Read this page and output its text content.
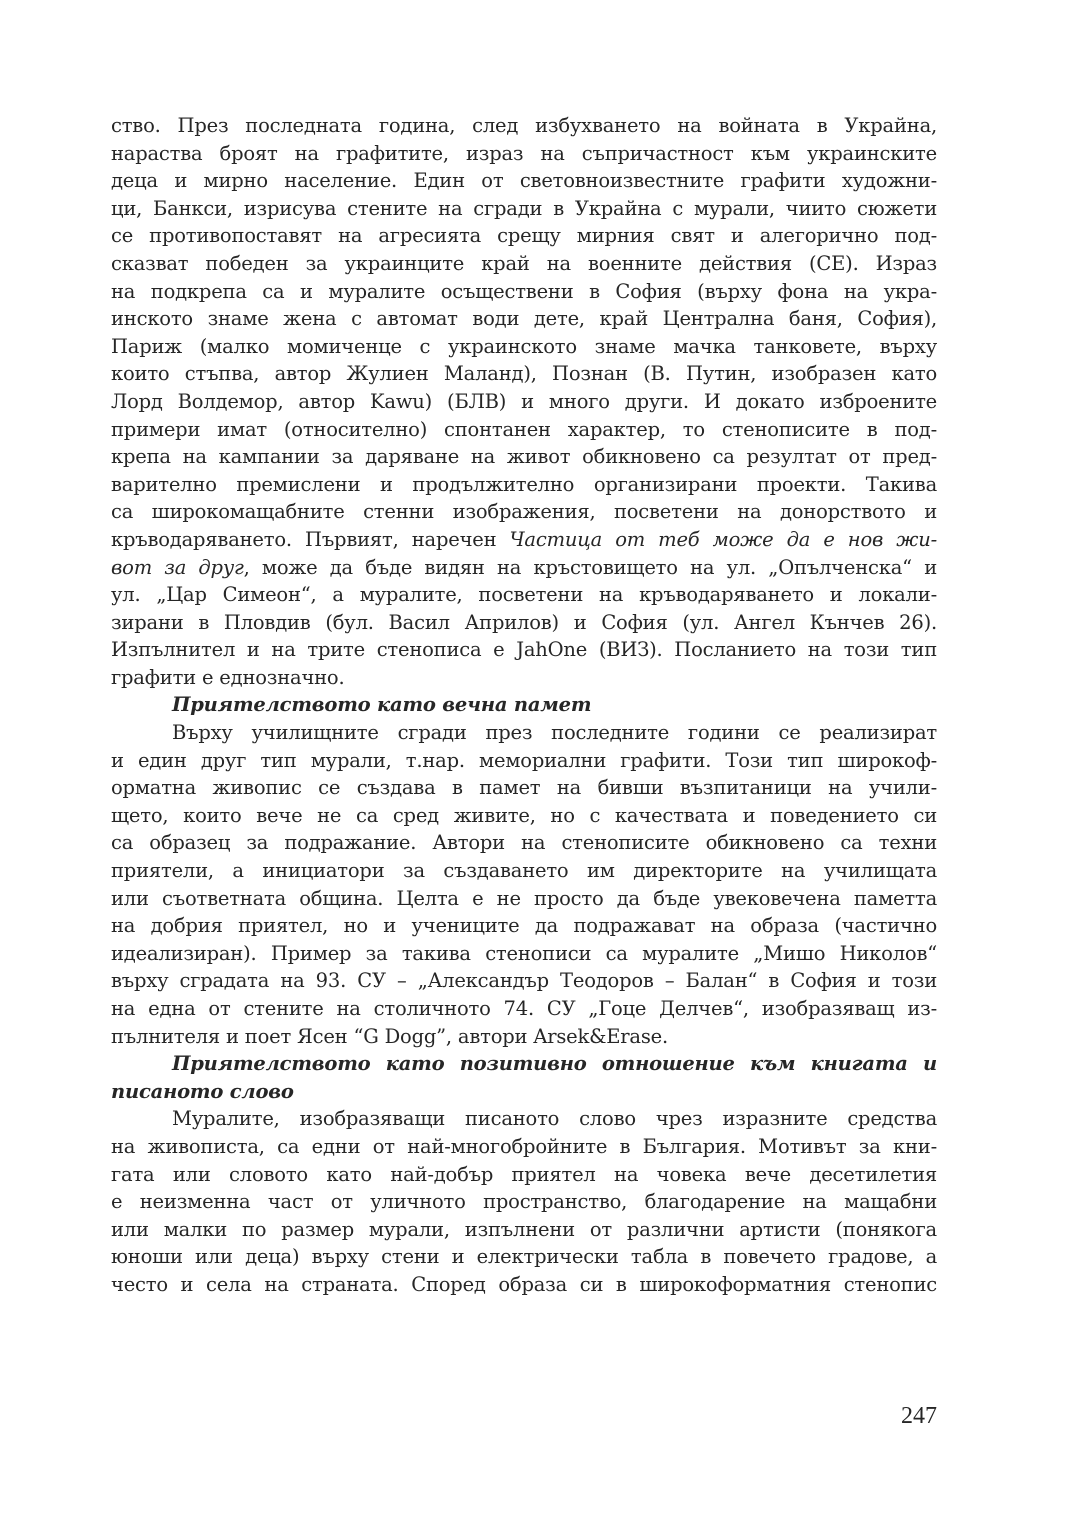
ство. През последната година, след избухването на войната в Украйна,
нараства броят на графитите, израз на съпричастност към украинските
деца и мирно население. Един от световноизвестните графити художни-
ци, Банкси, изрисува стените на сгради в Украйна с мурали, чиито сюжети
се противопоставят на агресията срещу мирния свят и алегорично под-
сказват победен за украинците край на военните действия (СЕ). Израз
на подкрепа са и муралите осъществени в София (върху фона на укра-
инското знаме жена с автомат води дете, край Централна баня, София),
Париж (малко момиченце с украинското знаме мачка танковете, върху
които стъпва, автор Жулиен Маланд), Познан (В. Путин, изобразен като
Лорд Волдемор, автор Kawu) (БЛВ) и много други. И докато изброените
примери имат (относително) спонтанен характер, то стенописите в под-
крепа на кампании за даряване на живот обикновено са резултат от пред-
варително премислени и продължително организирани проекти. Такива
са широкомащабните стенни изображения, посветени на донорството и
кръводаряването. Първият, наречен Частица от теб може да е нов жи-
вот за друг, може да бъде видян на кръстовището на ул. „Опълченска“ и
ул. „Цар Симеон“, а муралите, посветени на кръводаряването и локали-
зирани в Пловдив (бул. Васил Априлов) и София (ул. Ангел Кънчев 26).
Изпълнител и на трите стенописа е JahOne (ВИЗ). Посланието на този тип
графити е еднозначно.
Приятелството като вечна памет
Върху училищните сгради през последните години се реализират
и един друг тип мурали, т.нар. мемориални графити. Този тип широкоф-
орматна живопис се създава в памет на бивши възпитаници на учили-
щето, които вече не са сред живите, но с качествата и поведението си
са образец за подражание. Автори на стенописите обикновено са техни
приятели, а инициатори за създаването им директорите на училищата
или съответната община. Целта е не просто да бъде увековечена паметта
на добрия приятел, но и учениците да подражават на образа (частично
идеализиран). Пример за такива стенописи са муралите „Мишо Николов“
върху сградата на 93. СУ – „Александър Теодоров – Балан“ в София и този
на една от стените на столичното 74. СУ „Гоце Делчев“, изобразяващ из-
пълнителя и поет Ясен “G Dogg”, автори Arsek&Erase.
Приятелството като позитивно отношение към книгата и
писаното слово
Муралите, изобразяващи писаното слово чрез изразните средства
на живописта, са едни от най-многобройните в България. Мотивът за кни-
гата или словото като най-добър приятел на човека вече десетилетия
е неизменна част от уличното пространство, благодарение на мащабни
или малки по размер мурали, изпълнени от различни артисти (понякога
юноши или деца) върху стени и електрически табла в повечето градове, а
често и села на страната. Според образа си в широкоформатния стенопис
247
